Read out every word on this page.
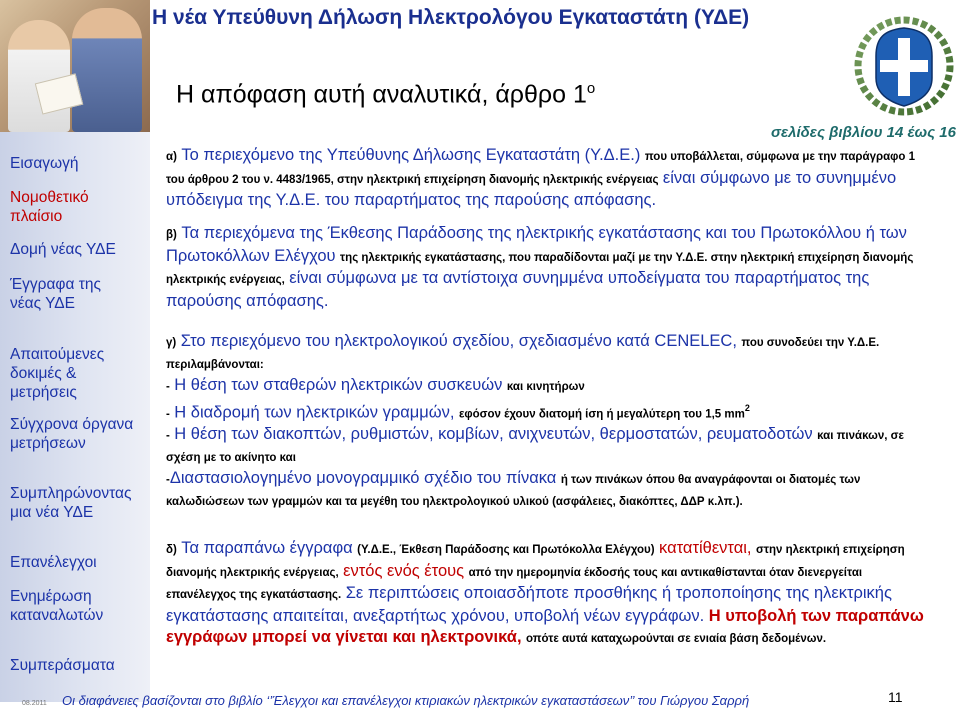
Η νέα Υπεύθυνη Δήλωση Ηλεκτρολόγου Εγκαταστάτη (ΥΔΕ)
Η απόφαση αυτή αναλυτικά, άρθρο $1^o$
σελίδες βιβλίου 14 έως 16
Εισαγωγή
Νομοθετικό πλαίσιο
Δομή νέας ΥΔΕ
Έγγραφα της νέας ΥΔΕ
Απαιτούμενες δοκιμές & μετρήσεις
Σύγχρονα όργανα μετρήσεων
Συμπληρώνοντας μια νέα ΥΔΕ
Επανέλεγχοι
Ενημέρωση καταναλωτών
Συμπεράσματα
α) Το περιεχόμενο της Υπεύθυνης Δήλωσης Εγκαταστάτη (Υ.Δ.Ε.) που υποβάλλεται, σύμφωνα με την παράγραφο 1 του άρθρου 2 του ν. 4483/1965, στην ηλεκτρική επιχείρηση διανομής ηλεκτρικής ενέργειας είναι σύμφωνο με το συνημμένο υπόδειγμα της Υ.Δ.Ε. του παραρτήματος της παρούσης απόφασης.
β) Τα περιεχόμενα της Έκθεσης Παράδοσης της ηλεκτρικής εγκατάστασης και του Πρωτοκόλλου ή των Πρωτοκόλλων Ελέγχου της ηλεκτρικής εγκατάστασης, που παραδίδονται μαζί με την Υ.Δ.Ε. στην ηλεκτρική επιχείρηση διανομής ηλεκτρικής ενέργειας, είναι σύμφωνα με τα αντίστοιχα συνημμένα υποδείγματα του παραρτήματος της παρούσης απόφασης.
γ) Στο περιεχόμενο του ηλεκτρολογικού σχεδίου, σχεδιασμένο κατά CENELEC, που συνοδεύει την Υ.Δ.Ε. περιλαμβάνονται:
- Η θέση των σταθερών ηλεκτρικών συσκευών και κινητήρων
- Η διαδρομή των ηλεκτρικών γραμμών, εφόσον έχουν διατομή ίση ή μεγαλύτερη του 1,5 $mm^2$
- Η θέση των διακοπτών, ρυθμιστών, κομβίων, ανιχνευτών, θερμοστατών, ρευματοδοτών και πινάκων, σε σχέση με το ακίνητο και
-Διαστασιολογημένο μονογραμμικό σχέδιο του πίνακα ή των πινάκων όπου θα αναγράφονται οι διατομές των καλωδιώσεων των γραμμών και τα μεγέθη του ηλεκτρολογικού υλικού (ασφάλειες, διακόπτες, ΔΔΡ κ.λπ.).
δ) Τα παραπάνω έγγραφα (Υ.Δ.Ε., Έκθεση Παράδοσης και Πρωτόκολλα Ελέγχου) κατατίθενται, στην ηλεκτρική επιχείρηση διανομής ηλεκτρικής ενέργειας, εντός ενός έτους από την ημερομηνία έκδοσής τους και αντικαθίστανται όταν διενεργείται επανέλεγχος της εγκατάστασης. Σε περιπτώσεις οποιασδήποτε προσθήκης ή τροποποίησης της ηλεκτρικής εγκατάστασης απαιτείται, ανεξαρτήτως χρόνου, υποβολή νέων εγγράφων. Η υποβολή των παραπάνω εγγράφων μπορεί να γίνεται και ηλεκτρονικά, οπότε αυτά καταχωρούνται σε ενιαία βάση δεδομένων.
08.2011 Οι διαφάνειες βασίζονται στο βιβλίο ‘’Έλεγχοι και επανέλεγχοι κτιριακών ηλεκτρικών εγκαταστάσεων’’ του Γιώργου Σαρρή	11
